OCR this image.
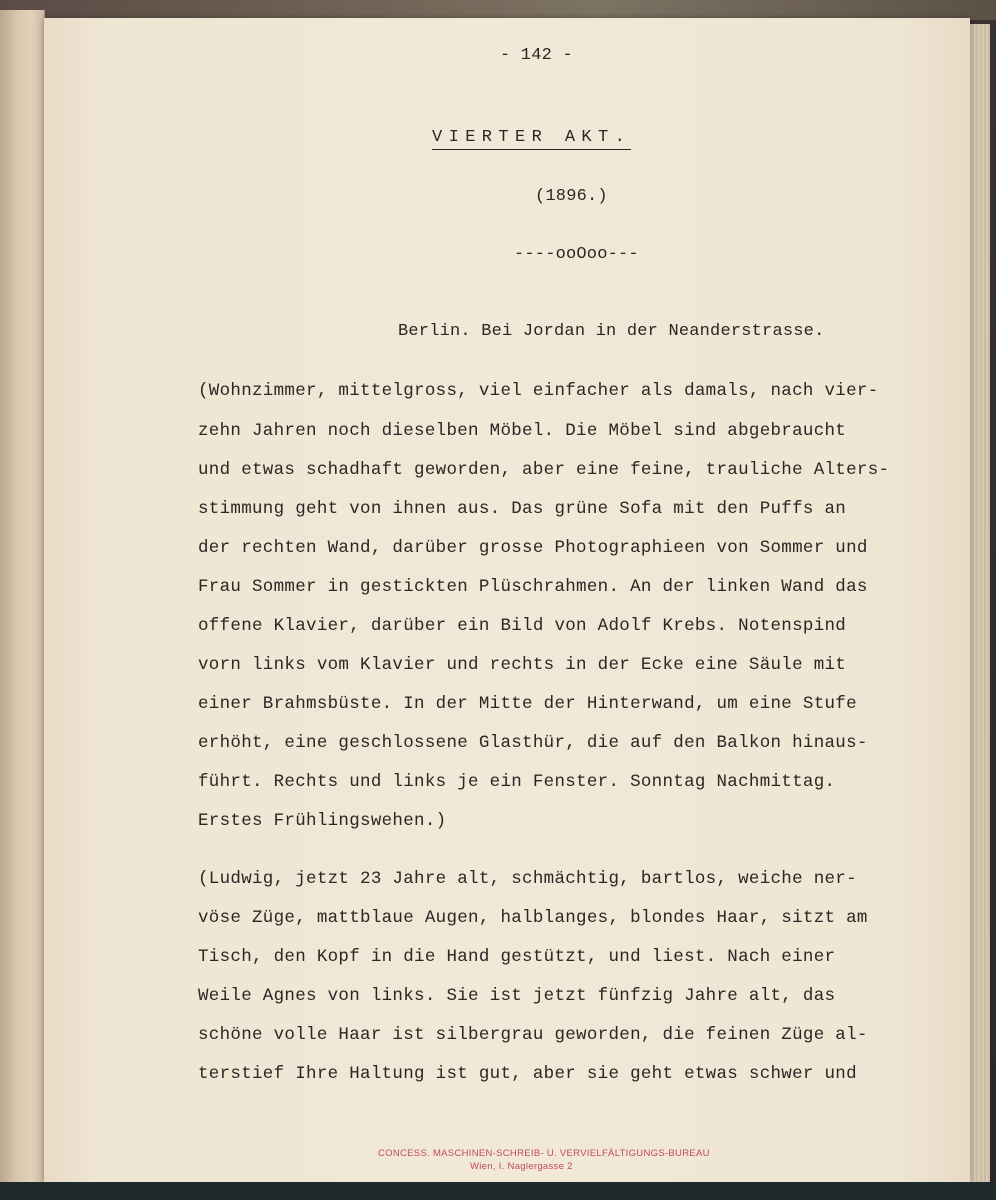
- 142 -
VIERTER AKT.
(1896.)
----ooOoo---
Berlin. Bei Jordan in der Neanderstrasse.
(Wohnzimmer, mittelgross, viel einfacher als damals, nach vier-
zehn Jahren noch dieselben Möbel. Die Möbel sind abgebraucht
und etwas schadhaft geworden, aber eine feine, trauliche Alters-
stimmung geht von ihnen aus. Das grüne Sofa mit den Puffs an
der rechten Wand, darüber grosse Photographieen von Sommer und
Frau Sommer in gestickten Plüschrahmen. An der linken Wand das
offene Klavier, darüber ein Bild von Adolf Krebs. Notenspind
vorn links vom Klavier und rechts in der Ecke eine Säule mit
einer Brahmsbüste. In der Mitte der Hinterwand, um eine Stufe
erhöht, eine geschlossene Glasthür, die auf den Balkon hinaus-
führt. Rechts und links je ein Fenster. Sonntag Nachmittag.
Erstes Frühlingswehen.)
(Ludwig, jetzt 23 Jahre alt, schmächtig, bartlos, weiche ner-
vöse Züge, mattblaue Augen, halblanges, blondes Haar, sitzt am
Tisch, den Kopf in die Hand gestützt, und liest. Nach einer
Weile Agnes von links. Sie ist jetzt fünfzig Jahre alt, das
schöne volle Haar ist silbergrau geworden, die feinen Züge al-
terstief Ihre Haltung ist gut, aber sie geht etwas schwer und
CONCESS. MASCHINEN-SCHREIB- U. VERVIELFÄLTIGUNGS-BUREAU
Wien, I. Naglergasse 2
